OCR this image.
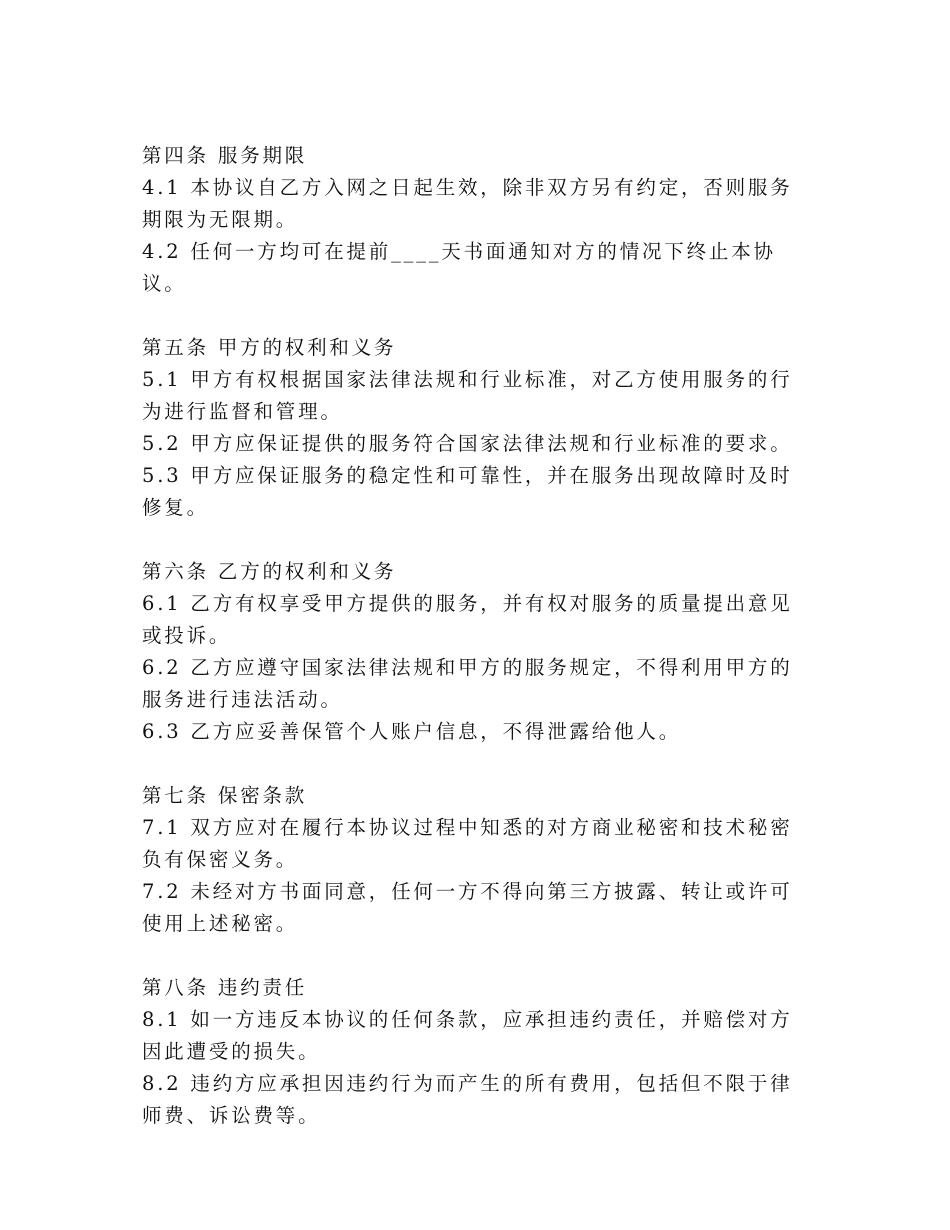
第四条 服务期限

4.1 本协议自乙方入网之日起生效，除非双方另有约定，否则服务期限为无限期。

4.2 任何一方均可在提前____天书面通知对方的情况下终止本协议。

第五条 甲方的权利和义务

5.1 甲方有权根据国家法律法规和行业标准，对乙方使用服务的行为进行监督和管理。

5.2 甲方应保证提供的服务符合国家法律法规和行业标准的要求。

5.3 甲方应保证服务的稳定性和可靠性，并在服务出现故障时及时修复。

第六条 乙方的权利和义务

6.1 乙方有权享受甲方提供的服务，并有权对服务的质量提出意见或投诉。

6.2 乙方应遵守国家法律法规和甲方的服务规定，不得利用甲方的服务进行违法活动。

6.3 乙方应妥善保管个人账户信息，不得泄露给他人。

第七条 保密条款

7.1 双方应对在履行本协议过程中知悉的对方商业秘密和技术秘密负有保密义务。

7.2 未经对方书面同意，任何一方不得向第三方披露、转让或许可使用上述秘密。

第八条 违约责任

8.1 如一方违反本协议的任何条款，应承担违约责任，并赔偿对方因此遭受的损失。

8.2 违约方应承担因违约行为而产生的所有费用，包括但不限于律师费、诉讼费等。
